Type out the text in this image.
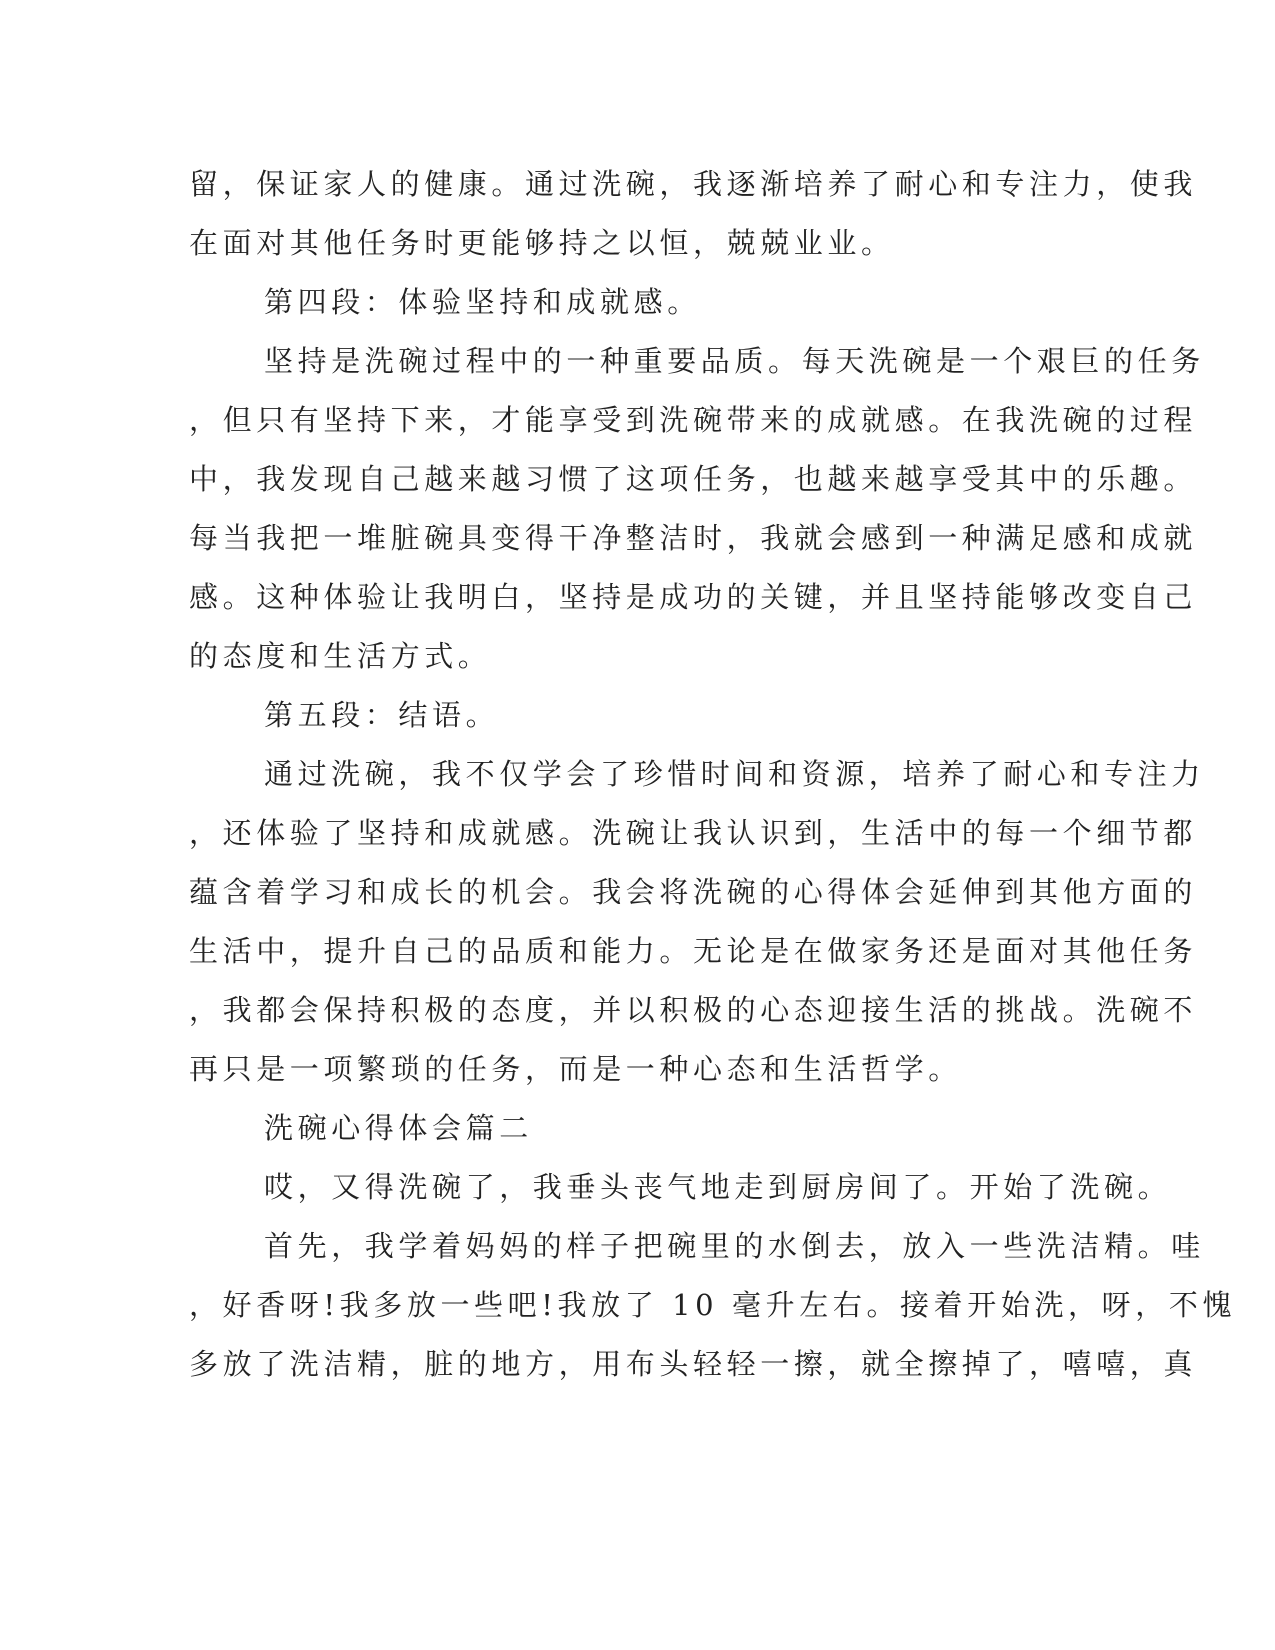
留，保证家人的健康。通过洗碗，我逐渐培养了耐心和专注力，使我
在面对其他任务时更能够持之以恒，兢兢业业。
第四段：体验坚持和成就感。
坚持是洗碗过程中的一种重要品质。每天洗碗是一个艰巨的任务
，但只有坚持下来，才能享受到洗碗带来的成就感。在我洗碗的过程
中，我发现自己越来越习惯了这项任务，也越来越享受其中的乐趣。
每当我把一堆脏碗具变得干净整洁时，我就会感到一种满足感和成就
感。这种体验让我明白，坚持是成功的关键，并且坚持能够改变自己
的态度和生活方式。
第五段：结语。
通过洗碗，我不仅学会了珍惜时间和资源，培养了耐心和专注力
，还体验了坚持和成就感。洗碗让我认识到，生活中的每一个细节都
蕴含着学习和成长的机会。我会将洗碗的心得体会延伸到其他方面的
生活中，提升自己的品质和能力。无论是在做家务还是面对其他任务
，我都会保持积极的态度，并以积极的心态迎接生活的挑战。洗碗不
再只是一项繁琐的任务，而是一种心态和生活哲学。
洗碗心得体会篇二
哎，又得洗碗了，我垂头丧气地走到厨房间了。开始了洗碗。
首先，我学着妈妈的样子把碗里的水倒去，放入一些洗洁精。哇
，好香呀!我多放一些吧!我放了 10 毫升左右。接着开始洗，呀，不愧
多放了洗洁精，脏的地方，用布头轻轻一擦，就全擦掉了，嘻嘻，真
